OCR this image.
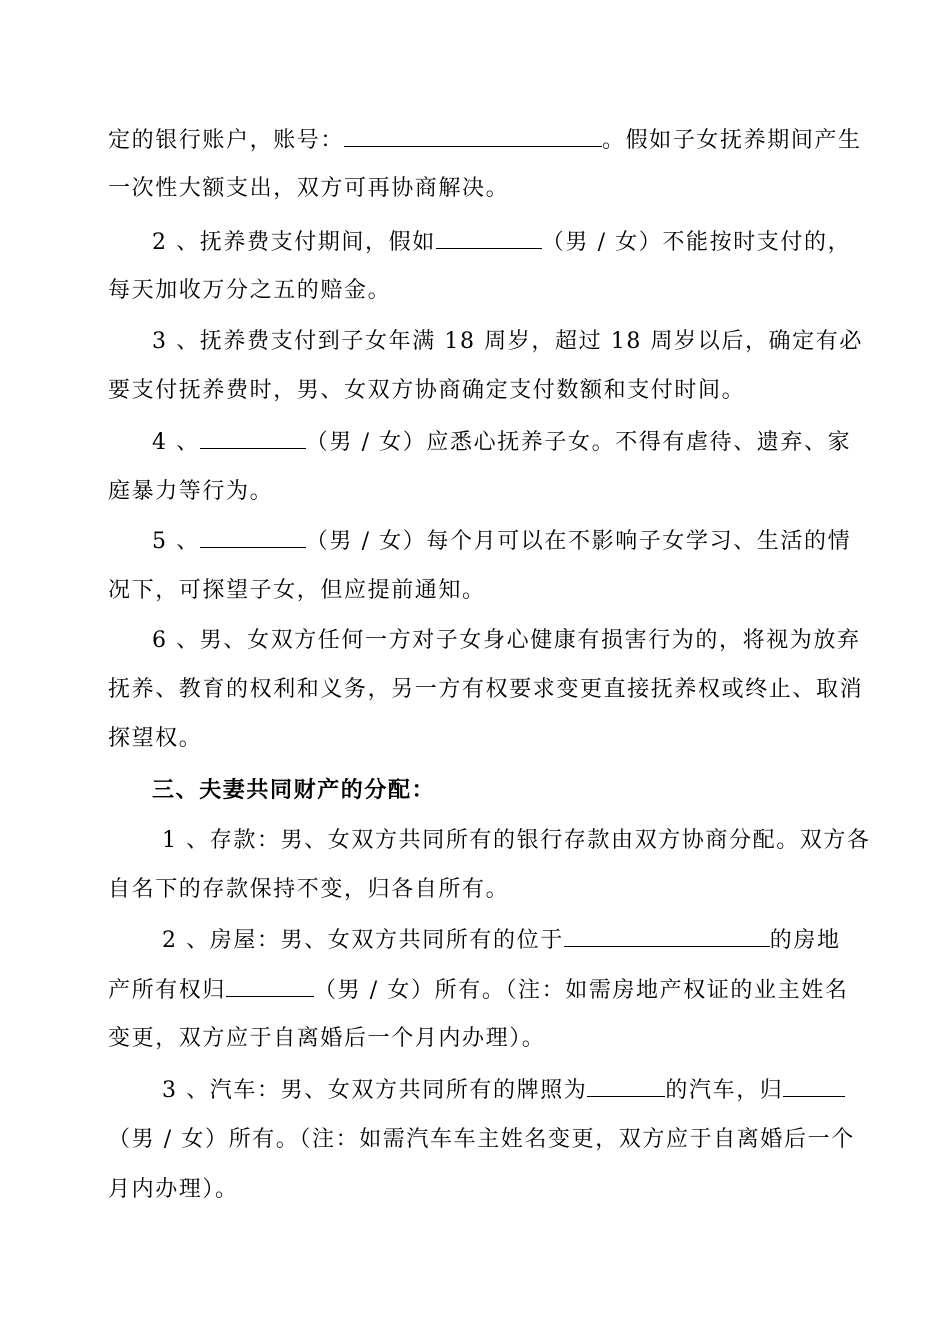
定的银行账户，账号：	。假如子女抚养期间产生
一次性大额支出，双方可再协商解决。
2 、抚养费支付期间，假如	（男 / 女）不能按时支付的，
每天加收万分之五的赔金。
3 、抚养费支付到子女年满 18 周岁，超过 18 周岁以后，确定有必
要支付抚养费时，男、女双方协商确定支付数额和支付时间。
4 、	（男 / 女）应悉心抚养子女。不得有虐待、遗弃、家
庭暴力等行为。
5 、	（男 / 女）每个月可以在不影响子女学习、生活的情
况下，可探望子女，但应提前通知。
6 、男、女双方任何一方对子女身心健康有损害行为的，将视为放弃
抚养、教育的权利和义务，另一方有权要求变更直接抚养权或终止、取消
探望权。
三、夫妻共同财产的分配：
1 、存款：男、女双方共同所有的银行存款由双方协商分配。双方各
自名下的存款保持不变，归各自所有。
2 、房屋：男、女双方共同所有的位于	的房地
产所有权归	（男 / 女）所有。（注：如需房地产权证的业主姓名
变更，双方应于自离婚后一个月内办理）。
3 、汽车：男、女双方共同所有的牌照为	的汽车，归
（男 / 女）所有。（注：如需汽车车主姓名变更，双方应于自离婚后一个
月内办理）。
